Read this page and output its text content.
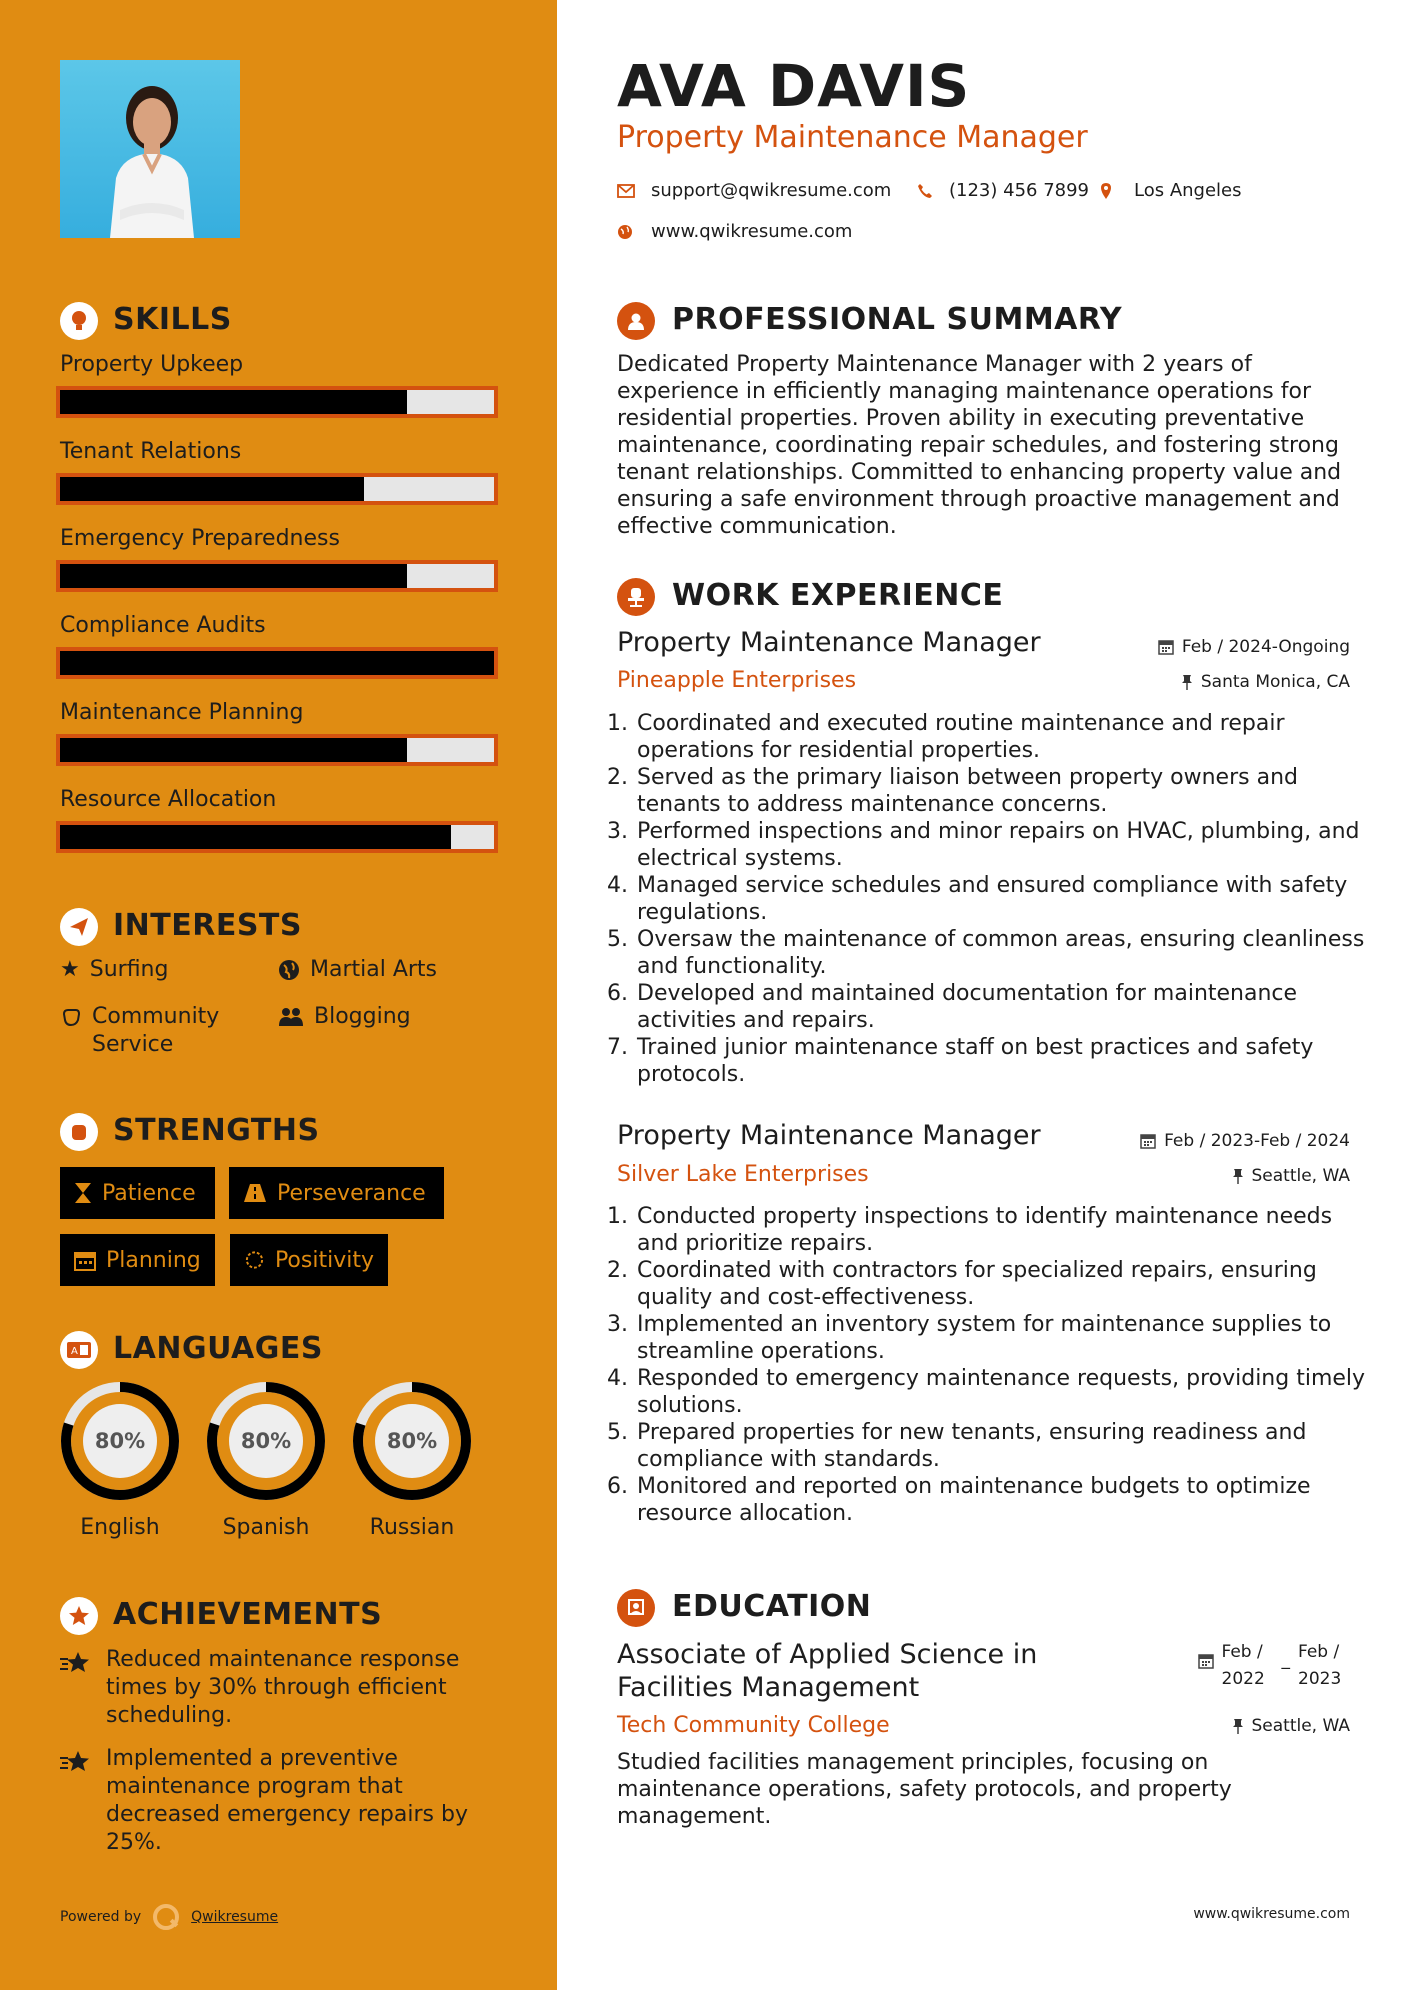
SKILLS
Property Upkeep
Tenant Relations
Emergency Preparedness
Compliance Audits
Maintenance Planning
Resource Allocation
INTERESTS
★ Surfing	Martial Arts
Community Service
Blogging
STRENGTHS
Patience	Perseverance
Planning	Positivity
A LANGUAGES
80%
English
80%
Spanish
80%
Russian
ACHIEVEMENTS
Reduced maintenance response times by 30% through efficient scheduling.
Implemented a preventive maintenance program that decreased emergency repairs by 25%.
Powered by	Qwikresume
AVA DAVIS
Property Maintenance Manager
support@qwikresume.com	(123) 456 7899 Los Angeles
www.qwikresume.com
PROFESSIONAL SUMMARY

Dedicated Property Maintenance Manager with 2 years of experience in efficiently managing maintenance operations for residential properties. Proven ability in executing preventative maintenance, coordinating repair schedules, and fostering strong tenant relationships. Committed to enhancing property value and ensuring a safe environment through proactive management and effective communication.

WORK EXPERIENCE
Property Maintenance Manager	Feb / 2024-Ongoing
Pineapple Enterprises	Santa Monica, CA
1. Coordinated and executed routine maintenance and repair operations for residential properties.
2. Served as the primary liaison between property owners and tenants to address maintenance concerns.
3. Performed inspections and minor repairs on HVAC, plumbing, and electrical systems.
4. Managed service schedules and ensured compliance with safety regulations.
5. Oversaw the maintenance of common areas, ensuring cleanliness and functionality.
6. Developed and maintained documentation for maintenance activities and repairs.
7. Trained junior maintenance staff on best practices and safety protocols.
Property Maintenance Manager	Feb / 2023-Feb / 2024
Silver Lake Enterprises	Seattle, WA
1. Conducted property inspections to identify maintenance needs and prioritize repairs.
2. Coordinated with contractors for specialized repairs, ensuring quality and cost-effectiveness.
3. Implemented an inventory system for maintenance supplies to streamline operations.
4. Responded to emergency maintenance requests, providing timely solutions.
5. Prepared properties for new tenants, ensuring readiness and compliance with standards.
6. Monitored and reported on maintenance budgets to optimize resource allocation.
EDUCATION
Associate of Applied Science in
Facilities Management
Feb / 2022
_ Feb / 2023
Tech Community College	Seattle, WA

Studied facilities management principles, focusing on maintenance operations, safety protocols, and property management.

www.qwikresume.com
